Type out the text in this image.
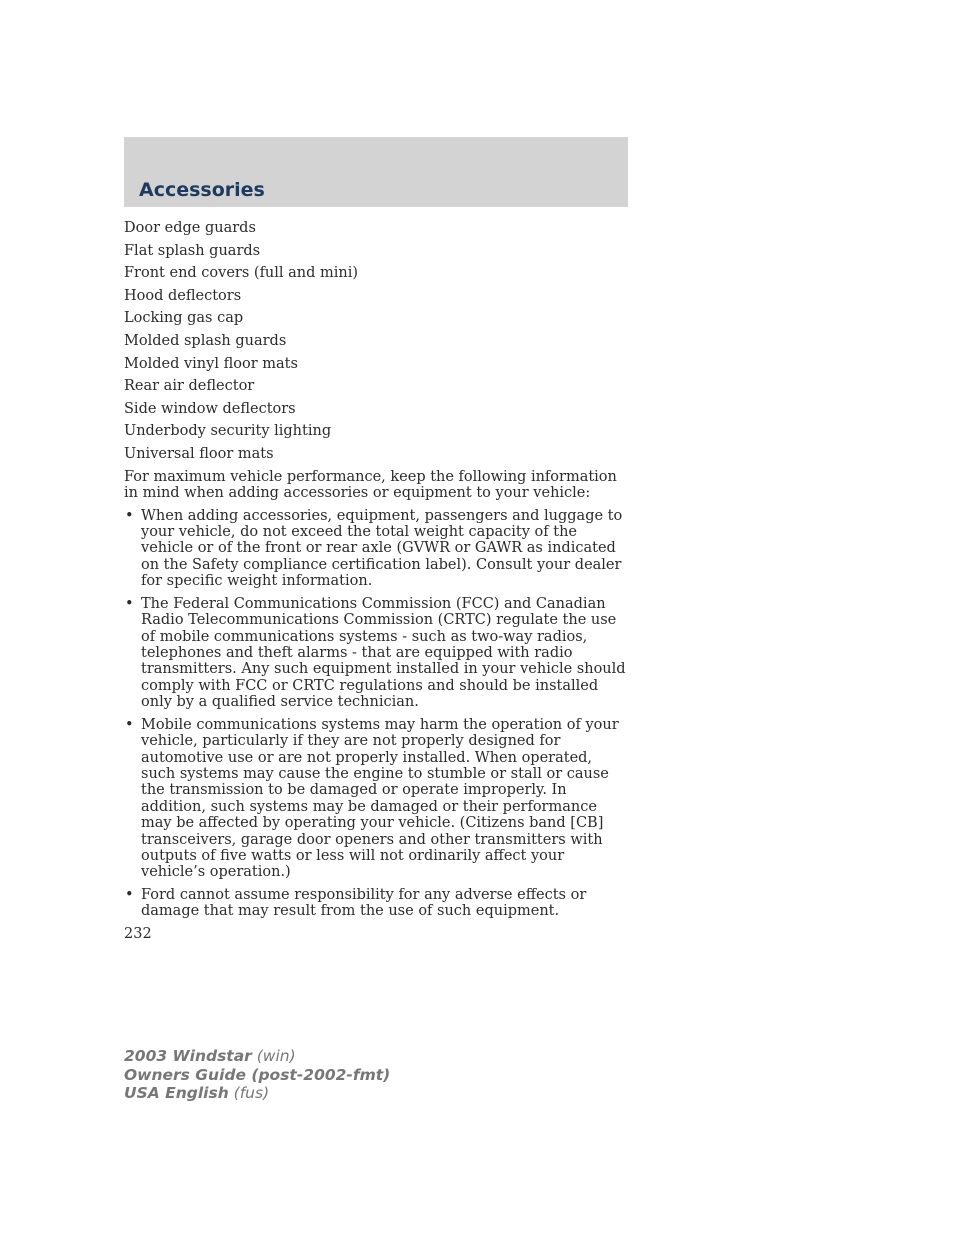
Accessories
Door edge guards
Flat splash guards
Front end covers (full and mini)
Hood deflectors
Locking gas cap
Molded splash guards
Molded vinyl floor mats
Rear air deflector
Side window deflectors
Underbody security lighting
Universal floor mats

For maximum vehicle performance, keep the following information in mind when adding accessories or equipment to your vehicle:

• When adding accessories, equipment, passengers and luggage to your vehicle, do not exceed the total weight capacity of the vehicle or of the front or rear axle (GVWR or GAWR as indicated on the Safety compliance certification label). Consult your dealer for specific weight information.
• The Federal Communications Commission (FCC) and Canadian Radio Telecommunications Commission (CRTC) regulate the use of mobile communications systems - such as two-way radios, telephones and theft alarms - that are equipped with radio transmitters. Any such equipment installed in your vehicle should comply with FCC or CRTC regulations and should be installed only by a qualified service technician.
• Mobile communications systems may harm the operation of your vehicle, particularly if they are not properly designed for automotive use or are not properly installed. When operated, such systems may cause the engine to stumble or stall or cause the transmission to be damaged or operate improperly. In addition, such systems may be damaged or their performance may be affected by operating your vehicle. (Citizens band [CB] transceivers, garage door openers and other transmitters with outputs of five watts or less will not ordinarily affect your vehicle’s operation.)
• Ford cannot assume responsibility for any adverse effects or damage that may result from the use of such equipment.
232
2003 Windstar (win)
Owners Guide (post-2002-fmt)
USA English (fus)
